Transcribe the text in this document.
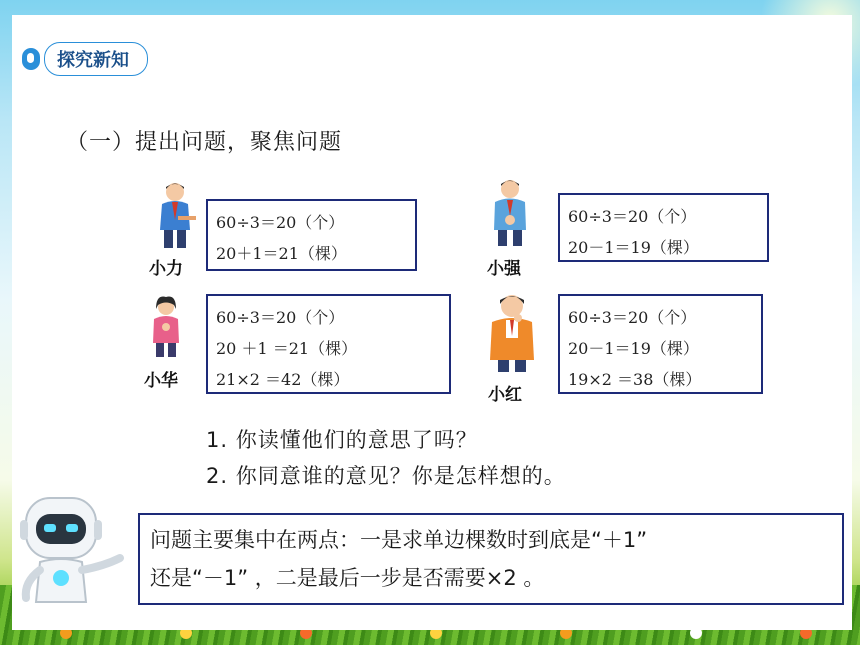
探究新知
（一）提出问题，聚焦问题
小力
60÷3＝20（个）
20＋1＝21（棵）
小强
60÷3＝20（个）
20－1＝19（棵）
小华
60÷3＝20（个）
20 ＋1 ＝21（棵）
21×2 ＝42（棵）
小红
60÷3＝20（个）
20－1＝19（棵）
19×2 ＝38（棵）
1. 你读懂他们的意思了吗？
2. 你同意谁的意见？你是怎样想的。
问题主要集中在两点：一是求单边棵数时到底是“＋1”
还是“－1” ，二是最后一步是否需要×2 。
